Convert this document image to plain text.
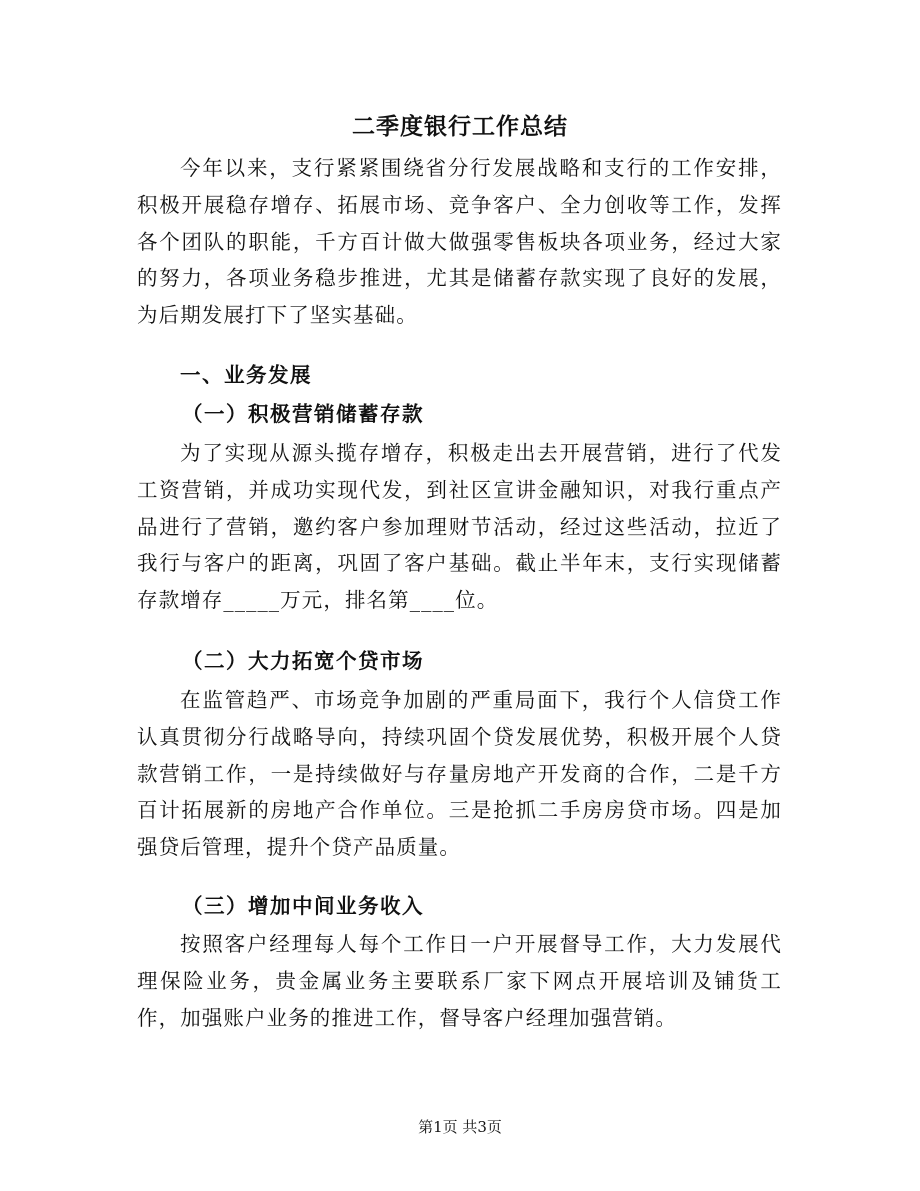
二季度银行工作总结
今年以来，支行紧紧围绕省分行发展战略和支行的工作安排，积极开展稳存增存、拓展市场、竞争客户、全力创收等工作，发挥各个团队的职能，千方百计做大做强零售板块各项业务，经过大家的努力，各项业务稳步推进，尤其是储蓄存款实现了良好的发展，为后期发展打下了坚实基础。
一、业务发展
（一）积极营销储蓄存款
为了实现从源头揽存增存，积极走出去开展营销，进行了代发工资营销，并成功实现代发，到社区宣讲金融知识，对我行重点产品进行了营销，邀约客户参加理财节活动，经过这些活动，拉近了我行与客户的距离，巩固了客户基础。截止半年末，支行实现储蓄存款增存_____万元，排名第____位。
（二）大力拓宽个贷市场
在监管趋严、市场竞争加剧的严重局面下，我行个人信贷工作认真贯彻分行战略导向，持续巩固个贷发展优势，积极开展个人贷款营销工作，一是持续做好与存量房地产开发商的合作，二是千方百计拓展新的房地产合作单位。三是抢抓二手房房贷市场。四是加强贷后管理，提升个贷产品质量。
（三）增加中间业务收入
按照客户经理每人每个工作日一户开展督导工作，大力发展代理保险业务，贵金属业务主要联系厂家下网点开展培训及铺货工作，加强账户业务的推进工作，督导客户经理加强营销。
第1页 共3页
